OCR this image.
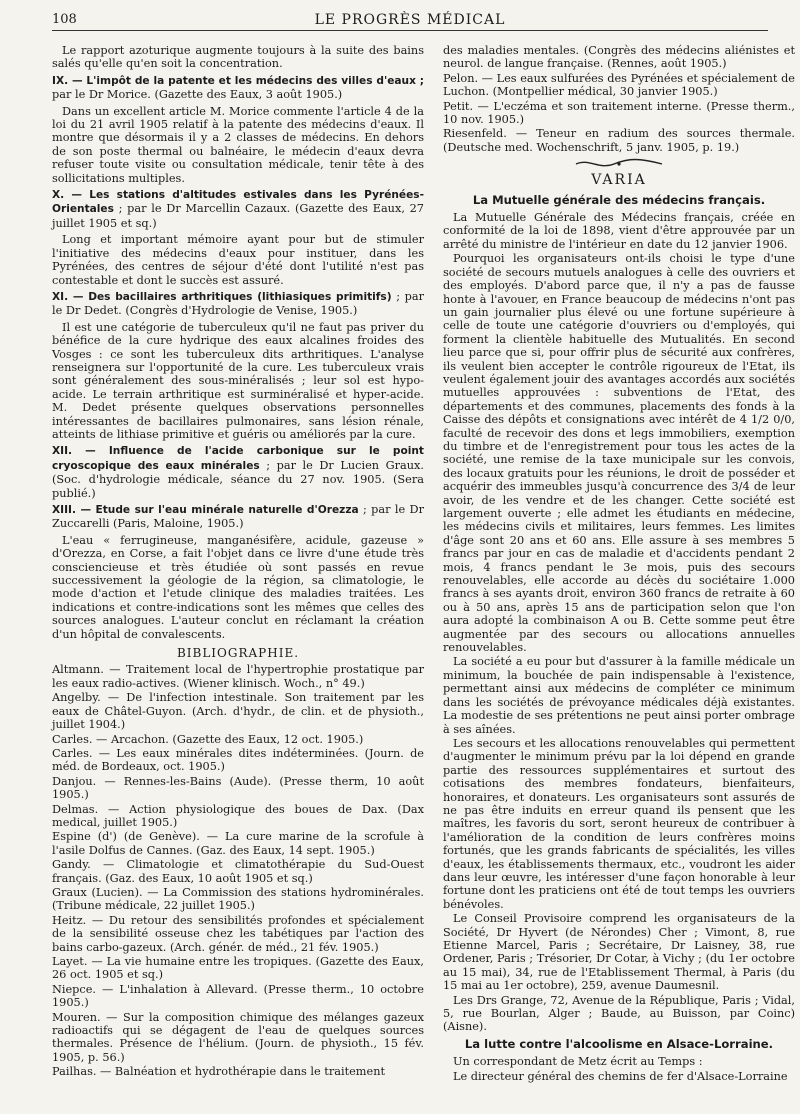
108	LE PROGRÈS MÉDICAL

Le rapport azoturique augmente toujours à la suite des bains salés qu'elle qu'en soit la concentration.

IX. — L'impôt de la patente et les médecins des villes d'eaux ; par le Dr Morice. (Gazette des Eaux, 3 août 1905.)

Dans un excellent article M. Morice commente l'article 4 de la loi du 21 avril 1905 relatif à la patente des médecins d'eaux. Il montre que désormais il y a 2 classes de médecins. En dehors de son poste thermal ou balnéaire, le médecin d'eaux devra refuser toute visite ou consultation médicale, tenir tête à des sollicitations multiples.

X. — Les stations d'altitudes estivales dans les Pyrénées-Orientales ; par le Dr Marcellin Cazaux. (Gazette des Eaux, 27 juillet 1905 et sq.)

Long et important mémoire ayant pour but de stimuler l'initiative des médecins d'eaux pour instituer, dans les Pyrénées, des centres de séjour d'été dont l'utilité n'est pas contestable et dont le succès est assuré.

XI. — Des bacillaires arthritiques (lithiasiques primitifs) ; par le Dr Dedet. (Congrès d'Hydrologie de Venise, 1905.)

Il est une catégorie de tuberculeux qu'il ne faut pas priver du bénéfice de la cure hydrique des eaux alcalines froides des Vosges : ce sont les tuberculeux dits arthritiques. L'analyse renseignera sur l'opportunité de la cure. Les tuberculeux vrais sont généralement des sous-minéralisés ; leur sol est hypo-acide. Le terrain arthritique est surminéralisé et hyper-acide. M. Dedet présente quelques observations personnelles intéressantes de bacillaires pulmonaires, sans lésion rénale, atteints de lithiase primitive et guéris ou améliorés par la cure.

XII. — Influence de l'acide carbonique sur le point cryoscopique des eaux minérales ; par le Dr Lucien Graux. (Soc. d'hydrologie médicale, séance du 27 nov. 1905. (Sera publié.)

XIII. — Etude sur l'eau minérale naturelle d'Orezza ; par le Dr Zuccarelli (Paris, Maloine, 1905.)

L'eau « ferrugineuse, manganésifère, acidule, gazeuse » d'Orezza, en Corse, a fait l'objet dans ce livre d'une étude très consciencieuse et très étudiée où sont passés en revue successivement la géologie de la région, sa climatologie, le mode d'action et l'etude clinique des maladies traitées. Les indications et contre-indications sont les mêmes que celles des sources analogues. L'auteur conclut en réclamant la création d'un hôpital de convalescents.

BIBLIOGRAPHIE.

Altmann. — Traitement local de l'hypertrophie prostatique par les eaux radio-actives. (Wiener klinisch. Woch., n° 49.)

Angelby. — De l'infection intestinale. Son traitement par les eaux de Châtel-Guyon. (Arch. d'hydr., de clin. et de physioth., juillet 1904.)

Carles. — Arcachon. (Gazette des Eaux, 12 oct. 1905.)

Carles. — Les eaux minérales dites indéterminées. (Journ. de méd. de Bordeaux, oct. 1905.)

Danjou. — Rennes-les-Bains (Aude). (Presse therm, 10 août 1905.)

Delmas. — Action physiologique des boues de Dax. (Dax medical, juillet 1905.)

Espine (d') (de Genève). — La cure marine de la scrofule à l'asile Dolfus de Cannes. (Gaz. des Eaux, 14 sept. 1905.)

Gandy. — Climatologie et climatothérapie du Sud-Ouest français. (Gaz. des Eaux, 10 août 1905 et sq.)

Graux (Lucien). — La Commission des stations hydrominérales. (Tribune médicale, 22 juillet 1905.)

Heitz. — Du retour des sensibilités profondes et spécialement de la sensibilité osseuse chez les tabétiques par l'action des bains carbo-gazeux. (Arch. génér. de méd., 21 fév. 1905.)

Layet. — La vie humaine entre les tropiques. (Gazette des Eaux, 26 oct. 1905 et sq.)

Niepce. — L'inhalation à Allevard. (Presse therm., 10 octobre 1905.)

Mouren. — Sur la composition chimique des mélanges gazeux radioactifs qui se dégagent de l'eau de quelques sources thermales. Présence de l'hélium. (Journ. de physioth., 15 fév. 1905, p. 56.)

Pailhas. — Balnéation et hydrothérapie dans le traitement

des maladies mentales. (Congrès des médecins aliénistes et neurol. de langue française. (Rennes, août 1905.)

Pelon. — Les eaux sulfurées des Pyrénées et spécialement de Luchon. (Montpellier médical, 30 janvier 1905.)

Petit. — L'eczéma et son traitement interne. (Presse therm., 10 nov. 1905.)

Riesenfeld. — Teneur en radium des sources thermale. (Deutsche med. Wochenschrift, 5 janv. 1905, p. 19.)

VARIA

La Mutuelle générale des médecins français.

La Mutuelle Générale des Médecins français, créée en conformité de la loi de 1898, vient d'être approuvée par un arrêté du ministre de l'intérieur en date du 12 janvier 1906.

Pourquoi les organisateurs ont-ils choisi le type d'une société de secours mutuels analogues à celle des ouvriers et des employés. D'abord parce que, il n'y a pas de fausse honte à l'avouer, en France beaucoup de médecins n'ont pas un gain journalier plus élevé ou une fortune supérieure à celle de toute une catégorie d'ouvriers ou d'employés, qui forment la clientèle habituelle des Mutualités. En second lieu parce que si, pour offrir plus de sécurité aux confrères, ils veulent bien accepter le contrôle rigoureux de l'Etat, ils veulent également jouir des avantages accordés aux sociétés mutuelles approuvées : subventions de l'Etat, des départements et des communes, placements des fonds à la Caisse des dépôts et consignations avec intérêt de 4 1/2 0/0, faculté de recevoir des dons et legs immobiliers, exemption du timbre et de l'enregistrement pour tous les actes de la société, une remise de la taxe municipale sur les convois, des locaux gratuits pour les réunions, le droit de posséder et acquérir des immeubles jusqu'à concurrence des 3/4 de leur avoir, de les vendre et de les changer. Cette société est largement ouverte ; elle admet les étudiants en médecine, les médecins civils et militaires, leurs femmes. Les limites d'âge sont 20 ans et 60 ans. Elle assure à ses membres 5 francs par jour en cas de maladie et d'accidents pendant 2 mois, 4 francs pendant le 3e mois, puis des secours renouvelables, elle accorde au décès du sociétaire 1.000 francs à ses ayants droit, environ 360 francs de retraite à 60 ou à 50 ans, après 15 ans de participation selon que l'on aura adopté la combinaison A ou B. Cette somme peut être augmentée par des secours ou allocations annuelles renouvelables.

La société a eu pour but d'assurer à la famille médicale un minimum, la bouchée de pain indispensable à l'existence, permettant ainsi aux médecins de compléter ce minimum dans les sociétés de prévoyance médicales déjà existantes. La modestie de ses prétentions ne peut ainsi porter ombrage à ses aînées.

Les secours et les allocations renouvelables qui permettent d'augmenter le minimum prévu par la loi dépend en grande partie des ressources supplémentaires et surtout des cotisations des membres fondateurs, bienfaiteurs, honoraires, et donateurs. Les organisateurs sont assurés de ne pas être induits en erreur quand ils pensent que les maîtres, les favoris du sort, seront heureux de contribuer à l'amélioration de la condition de leurs confrères moins fortunés, que les grands fabricants de spécialités, les villes d'eaux, les établissements thermaux, etc., voudront les aider dans leur œuvre, les intéresser d'une façon honorable à leur fortune dont les praticiens ont été de tout temps les ouvriers bénévoles.

Le Conseil Provisoire comprend les organisateurs de la Société, Dr Hyvert (de Nérondes) Cher ; Vimont, 8, rue Etienne Marcel, Paris ; Secrétaire, Dr Laisney, 38, rue Ordener, Paris ; Trésorier, Dr Cotar, à Vichy ; (du 1er octobre au 15 mai), 34, rue de l'Etablissement Thermal, à Paris (du 15 mai au 1er octobre), 259, avenue Daumesnil.

Les Drs Grange, 72, Avenue de la République, Paris ; Vidal, 5, rue Bourlan, Alger ; Baude, au Buisson, par Coinc) (Aisne).

La lutte contre l'alcoolisme en Alsace-Lorraine.

Un correspondant de Metz écrit au Temps :

Le directeur général des chemins de fer d'Alsace-Lorraine
